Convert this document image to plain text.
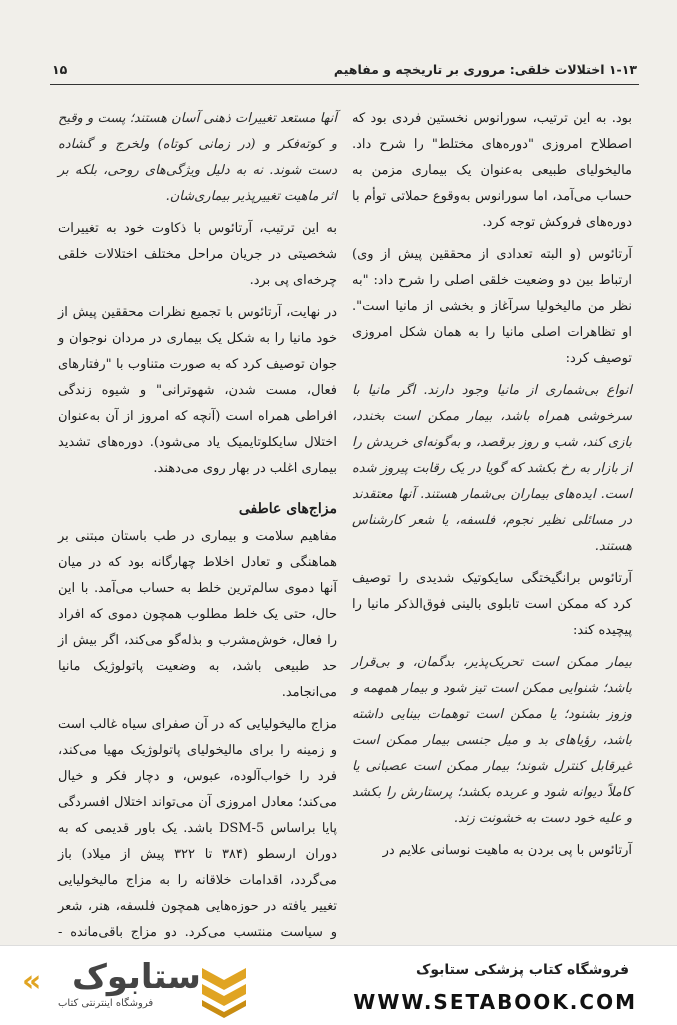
۱-۱۳ اختلالات خلقی: مروری بر تاریخچه و مفاهیم
۱۵

بود. به این ترتیب، سورانوس نخستین فردی بود که اصطلاح امروزی "دوره‌های مختلط" را شرح داد. مالیخولیای طبیعی به‌عنوان یک بیماری مزمن به حساب می‌آمد، اما سورانوس به‌وقوع حملاتی توأم با دوره‌های فروکش توجه کرد.

آرتائوس (و البته تعدادی از محققین پیش از وی) ارتباط بین دو وضعیت خلقی اصلی را شرح داد: "به نظر من مالیخولیا سرآغاز و بخشی از مانیا است". او تظاهرات اصلی مانیا را به همان شکل امروزی توصیف کرد:

انواع بی‌شماری از مانیا وجود دارند. اگر مانیا با سرخوشی همراه باشد، بیمار ممکن است بخندد، بازی کند، شب و روز برقصد، و به‌گونه‌ای خریدش را از بازار به رخ بکشد که گویا در یک رقابت پیروز شده است. ایده‌های بیماران بی‌شمار هستند. آنها معتقدند در مسائلی نظیر نجوم، فلسفه، یا شعر کارشناس هستند.

آرتائوس برانگیختگی سایکوتیک شدیدی را توصیف کرد که ممکن است تابلوی بالینی فوق‌الذکر مانیا را پیچیده کند:

بیمار ممکن است تحریک‌پذیر، بدگمان، و بی‌قرار باشد؛ شنوایی ممکن است تیز شود و بیمار همهمه و وزوز بشنود؛ یا ممکن است توهمات بینایی داشته باشد، رؤیاهای بد و میل جنسی بیمار ممکن است غیرقابل کنترل شوند؛ بیمار ممکن است عصبانی یا کاملاً دیوانه شود و عربده بکشد؛ پرستارش را بکشد و علیه خود دست به خشونت زند.

آرتائوس با پی بردن به ماهیت نوسانی علایم در

آنها مستعد تغییرات ذهنی آسان هستند؛ پست و وقیح و کوته‌فکر و (در زمانی کوتاه) ولخرج و گشاده دست شوند. نه به دلیل ویژگی‌های روحی، بلکه بر اثر ماهیت تغییرپذیر بیماری‌شان.

به این ترتیب، آرتائوس با ذکاوت خود به تغییرات شخصیتی در جریان مراحل مختلف اختلالات خلقی چرخه‌ای پی برد.

در نهایت، آرتائوس با تجمیع نظرات محققین پیش از خود مانیا را به شکل یک بیماری در مردان نوجوان و جوان توصیف کرد که به صورت متناوب با "رفتارهای فعال، مست شدن، شهوترانی" و شیوه زندگی افراطی همراه است (آنچه که امروز از آن به‌عنوان اختلال سایکلوتایمیک یاد می‌شود). دوره‌های تشدید بیماری اغلب در بهار روی می‌دهند.

مزاج‌های عاطفی

مفاهیم سلامت و بیماری در طب باستان مبتنی بر هماهنگی و تعادل اخلاط چهارگانه بود که در میان آنها دموی سالم‌ترین خلط به حساب می‌آمد. با این حال، حتی یک خلط مطلوب همچون دموی که افراد را فعال، خوش‌مشرب و بذله‌گو می‌کند، اگر بیش از حد طبیعی باشد، به وضعیت پاتولوژیک مانیا می‌انجامد.

مزاج مالیخولیایی که در آن صفرای سیاه غالب است و زمینه را برای مالیخولیای پاتولوژیک مهیا می‌کند، فرد را خواب‌آلوده، عبوس، و دچار فکر و خیال می‌کند؛ معادل امروزی آن می‌تواند اختلال افسردگی پایا براساس DSM-5 باشد. یک باور قدیمی که به دوران ارسطو (۳۸۴ تا ۳۲۲ پیش از میلاد) باز می‌گردد، اقدامات خلاقانه را به مزاج مالیخولیایی تغییر یافته در حوزه‌هایی همچون فلسفه، هنر، شعر و سیاست منتسب می‌کرد. دو مزاج باقی‌مانده -

« ستابوک
فروشگاه اینترنتی کتاب
فروشگاه کتاب پزشکی ستابوک
WWW.SETABOOK.COM
